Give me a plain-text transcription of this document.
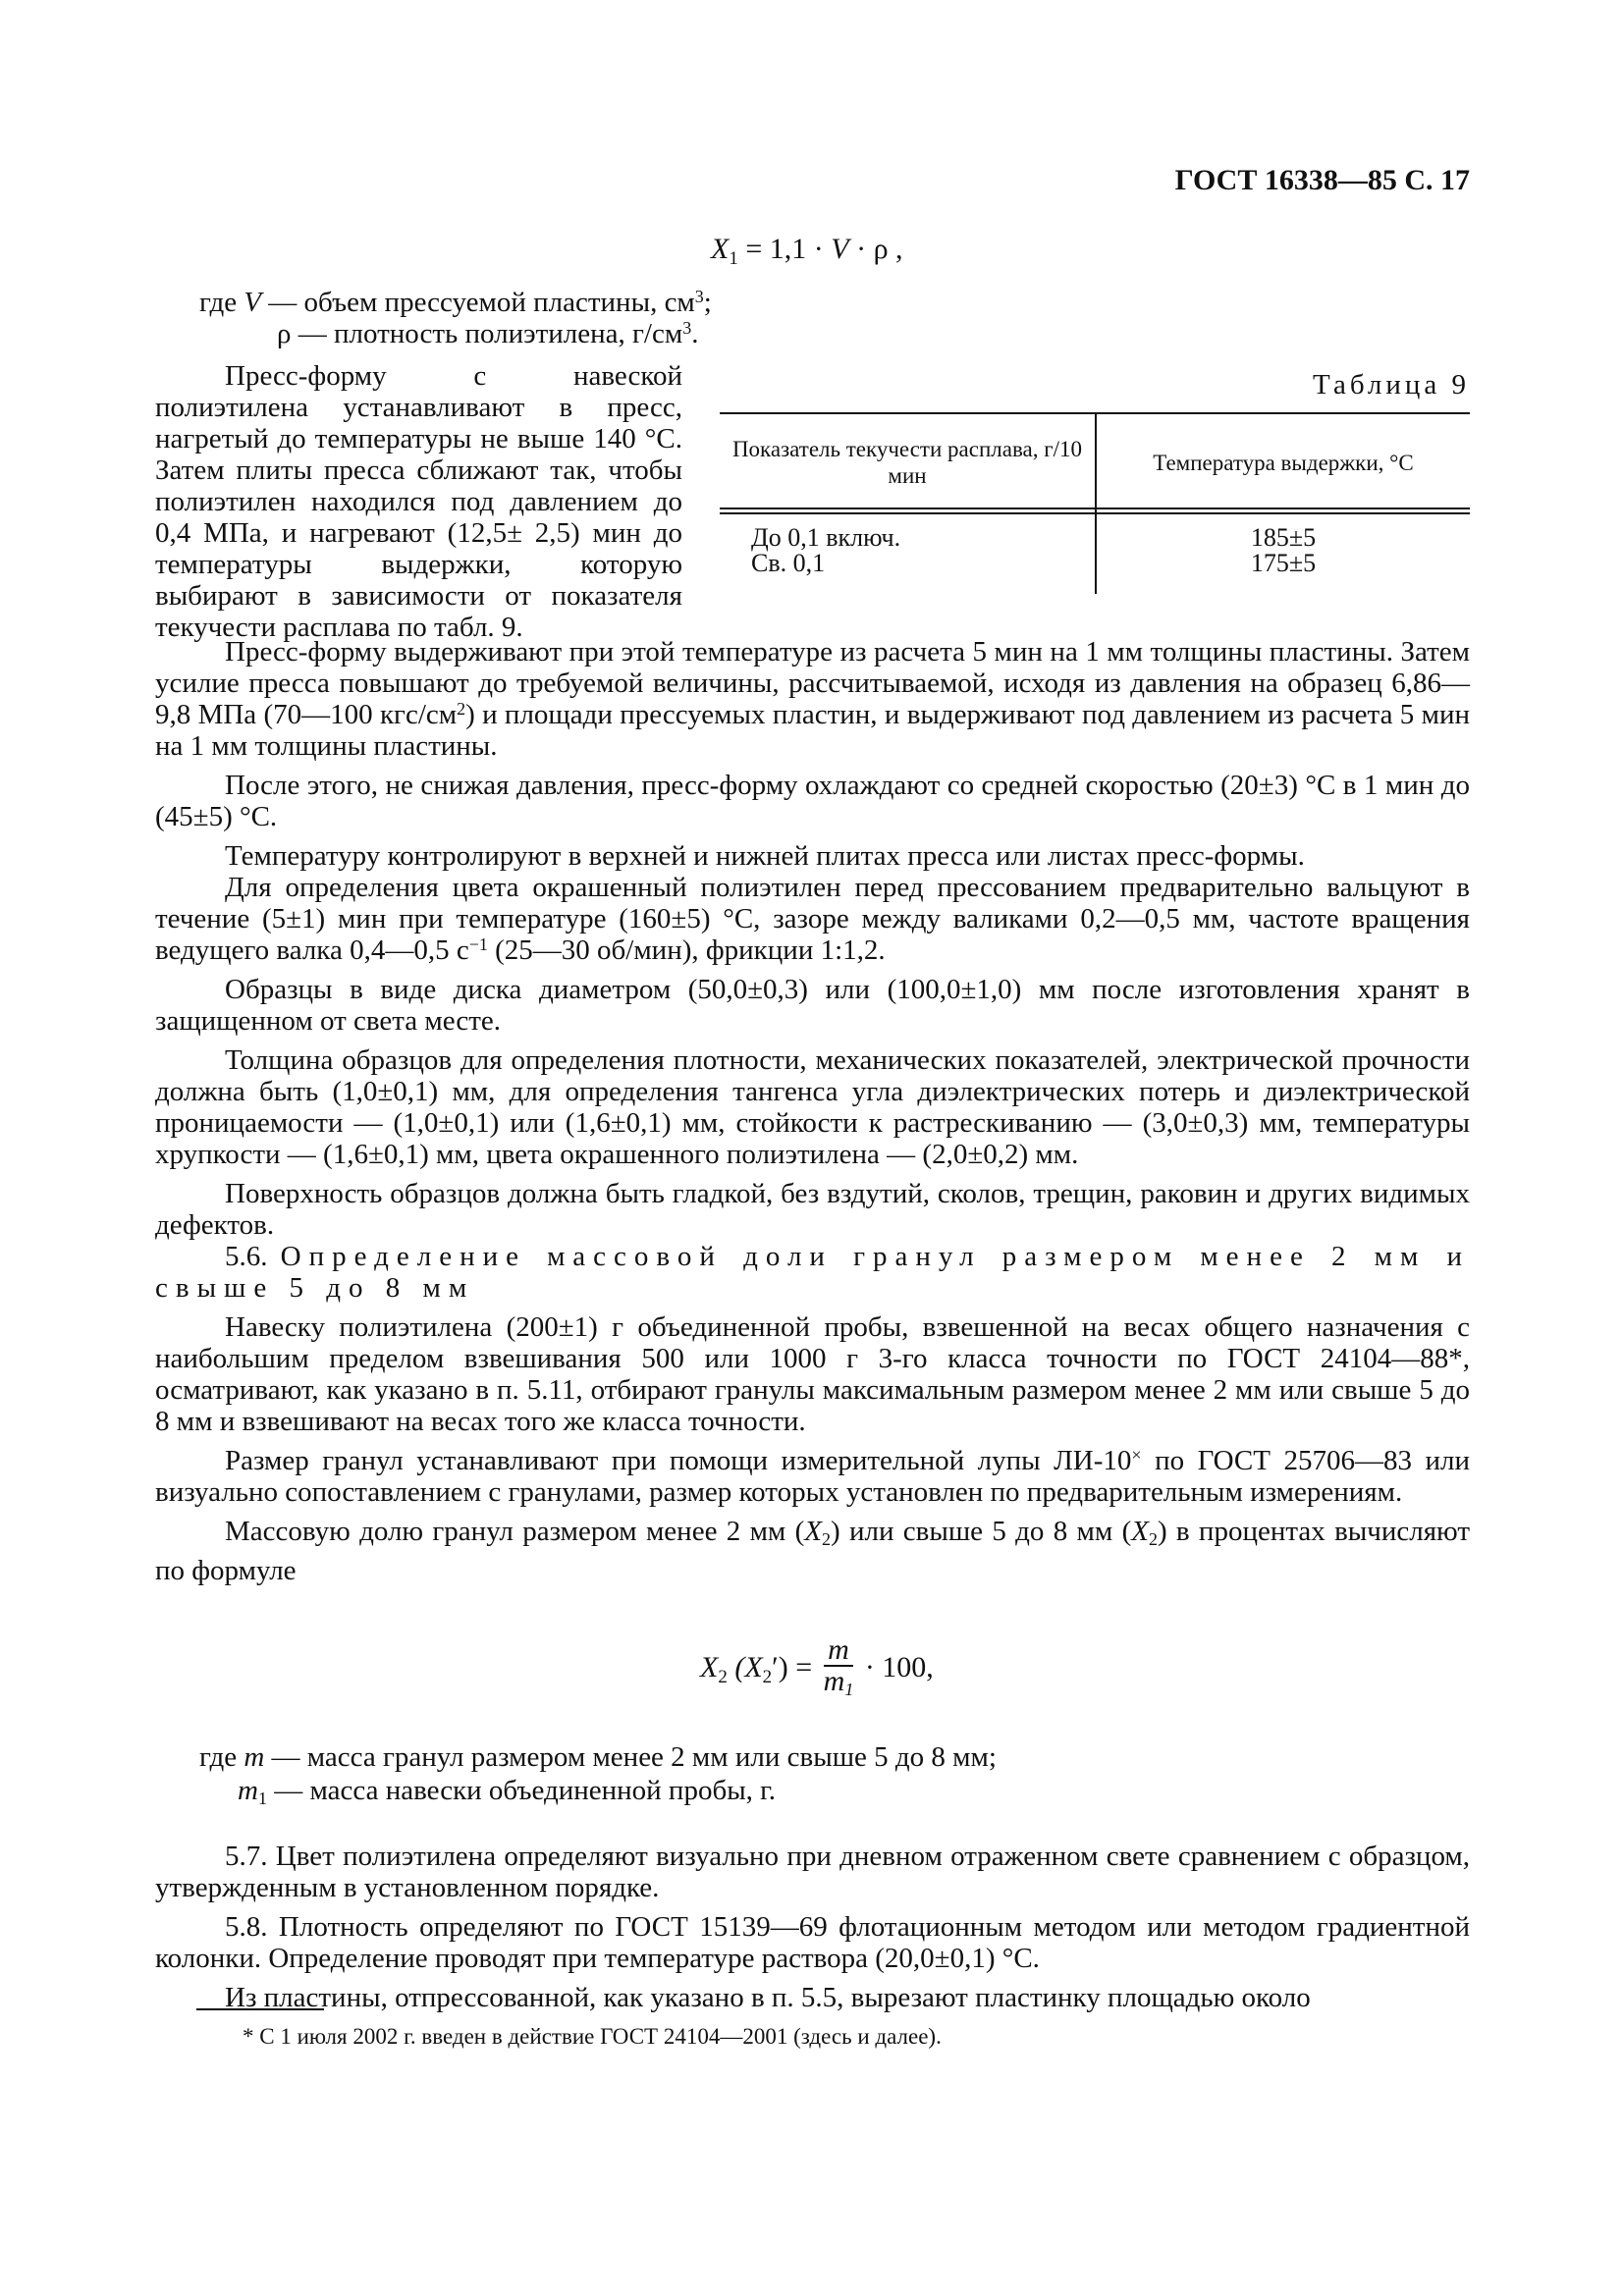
ГОСТ 16338—85 С. 17
$X_1 = 1,1 \cdot V \cdot \rho$ ,
где V — объем прессуемой пластины, $см^3$;
ρ — плотность полиэтилена, $г/см^3$.

Пресс-форму с навеской полиэтилена устанавливают в пресс, нагретый до температуры не выше 140 °С. Затем плиты пресса сближают так, чтобы полиэтилен находился под давлением до 0,4 МПа, и нагревают (12,5± 2,5) мин до температуры выдержки, которую выбирают в зависимости от показателя текучести расплава по табл. 9.

Таблица 9
Показатель текучести расплава, г/10 мин
Температура выдержки, °С
До 0,1 включ.
Св. 0,1
185±5
175±5

Пресс-форму выдерживают при этой температуре из расчета 5 мин на 1 мм толщины пластины. Затем усилие пресса повышают до требуемой величины, рассчитываемой, исходя из давления на образец 6,86—9,8 МПа (70—100 кгс/$см^2$) и площади прессуемых пластин, и выдерживают под давлением из расчета 5 мин на 1 мм толщины пластины.

После этого, не снижая давления, пресс-форму охлаждают со средней скоростью (20±3) °С в 1 мин до (45±5) °С.

Температуру контролируют в верхней и нижней плитах пресса или листах пресс-формы.

Для определения цвета окрашенный полиэтилен перед прессованием предварительно вальцуют в течение (5±1) мин при температуре (160±5) °С, зазоре между валиками 0,2—0,5 мм, частоте вращения ведущего валка 0,4—0,5 $с^{-1}$ (25—30 об/мин), фрикции 1:1,2.

Образцы в виде диска диаметром (50,0±0,3) или (100,0±1,0) мм после изготовления хранят в защищенном от света месте.

Толщина образцов для определения плотности, механических показателей, электрической прочности должна быть (1,0±0,1) мм, для определения тангенса угла диэлектрических потерь и диэлектрической проницаемости — (1,0±0,1) или (1,6±0,1) мм, стойкости к растрескиванию — (3,0±0,3) мм, температуры хрупкости — (1,6±0,1) мм, цвета окрашенного полиэтилена — (2,0±0,2) мм.

Поверхность образцов должна быть гладкой, без вздутий, сколов, трещин, раковин и других видимых дефектов.

5.6. Определение массовой доли гранул размером менее 2 мм и свыше 5 до 8 мм

Навеску полиэтилена (200±1) г объединенной пробы, взвешенной на весах общего назначения с наибольшим пределом взвешивания 500 или 1000 г 3-го класса точности по ГОСТ 24104—88*, осматривают, как указано в п. 5.11, отбирают гранулы максимальным размером менее 2 мм или свыше 5 до 8 мм и взвешивают на весах того же класса точности.

Размер гранул устанавливают при помощи измерительной лупы ЛИ-10× по ГОСТ 25706—83 или визуально сопоставлением с гранулами, размер которых установлен по предварительным измерениям.

Массовую долю гранул размером менее 2 мм $(X_2)$ или свыше 5 до 8 мм $(X_2)$ в процентах вычисляют по формуле

$X_2$ $(X_2') = \frac{m}{m_1} \cdot 100$,
где m — масса гранул размером менее 2 мм или свыше 5 до 8 мм;
$m_1$ — масса навески объединенной пробы, г.

5.7. Цвет полиэтилена определяют визуально при дневном отраженном свете сравнением с образцом, утвержденным в установленном порядке.

5.8. Плотность определяют по ГОСТ 15139—69 флотационным методом или методом градиентной колонки. Определение проводят при температуре раствора (20,0±0,1) °С.

Из пластины, отпрессованной, как указано в п. 5.5, вырезают пластинку площадью около

* С 1 июля 2002 г. введен в действие ГОСТ 24104—2001 (здесь и далее).
